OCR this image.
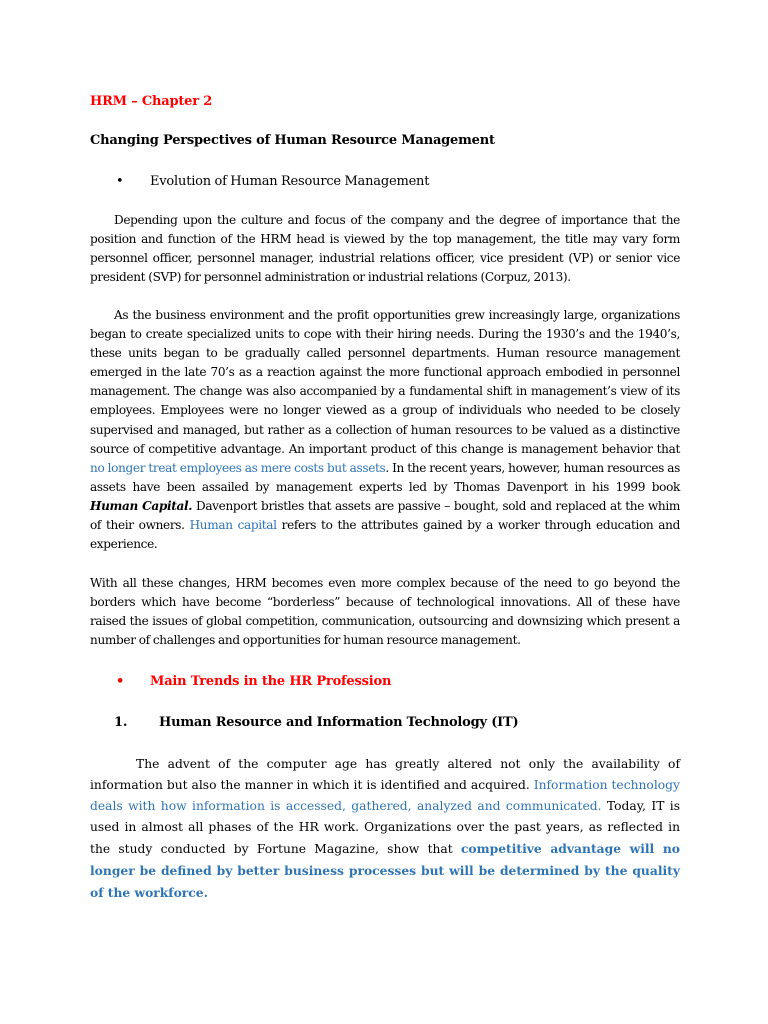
HRM – Chapter 2
Changing Perspectives of Human Resource Management
•	Evolution of Human Resource Management

Depending upon the culture and focus of the company and the degree of importance that the position and function of the HRM head is viewed by the top management, the title may vary form personnel officer, personnel manager, industrial relations officer, vice president (VP) or senior vice president (SVP) for personnel administration or industrial relations (Corpuz, 2013).

As the business environment and the profit opportunities grew increasingly large, organizations began to create specialized units to cope with their hiring needs. During the 1930’s and the 1940’s, these units began to be gradually called personnel departments. Human resource management emerged in the late 70’s as a reaction against the more functional approach embodied in personnel management. The change was also accompanied by a fundamental shift in management’s view of its employees. Employees were no longer viewed as a group of individuals who needed to be closely supervised and managed, but rather as a collection of human resources to be valued as a distinctive source of competitive advantage. An important product of this change is management behavior that no longer treat employees as mere costs but assets. In the recent years, however, human resources as assets have been assailed by management experts led by Thomas Davenport in his 1999 book Human Capital. Davenport bristles that assets are passive – bought, sold and replaced at the whim of their owners. Human capital refers to the attributes gained by a worker through education and experience.

With all these changes, HRM becomes even more complex because of the need to go beyond the borders which have become “borderless” because of technological innovations. All of these have raised the issues of global competition, communication, outsourcing and downsizing which present a number of challenges and opportunities for human resource management.

•	Main Trends in the HR Profession
1.	Human Resource and Information Technology (IT)

The advent of the computer age has greatly altered not only the availability of information but also the manner in which it is identified and acquired. Information technology deals with how information is accessed, gathered, analyzed and communicated. Today, IT is used in almost all phases of the HR work. Organizations over the past years, as reflected in the study conducted by Fortune Magazine, show that competitive advantage will no longer be defined by better business processes but will be determined by the quality of the workforce.
